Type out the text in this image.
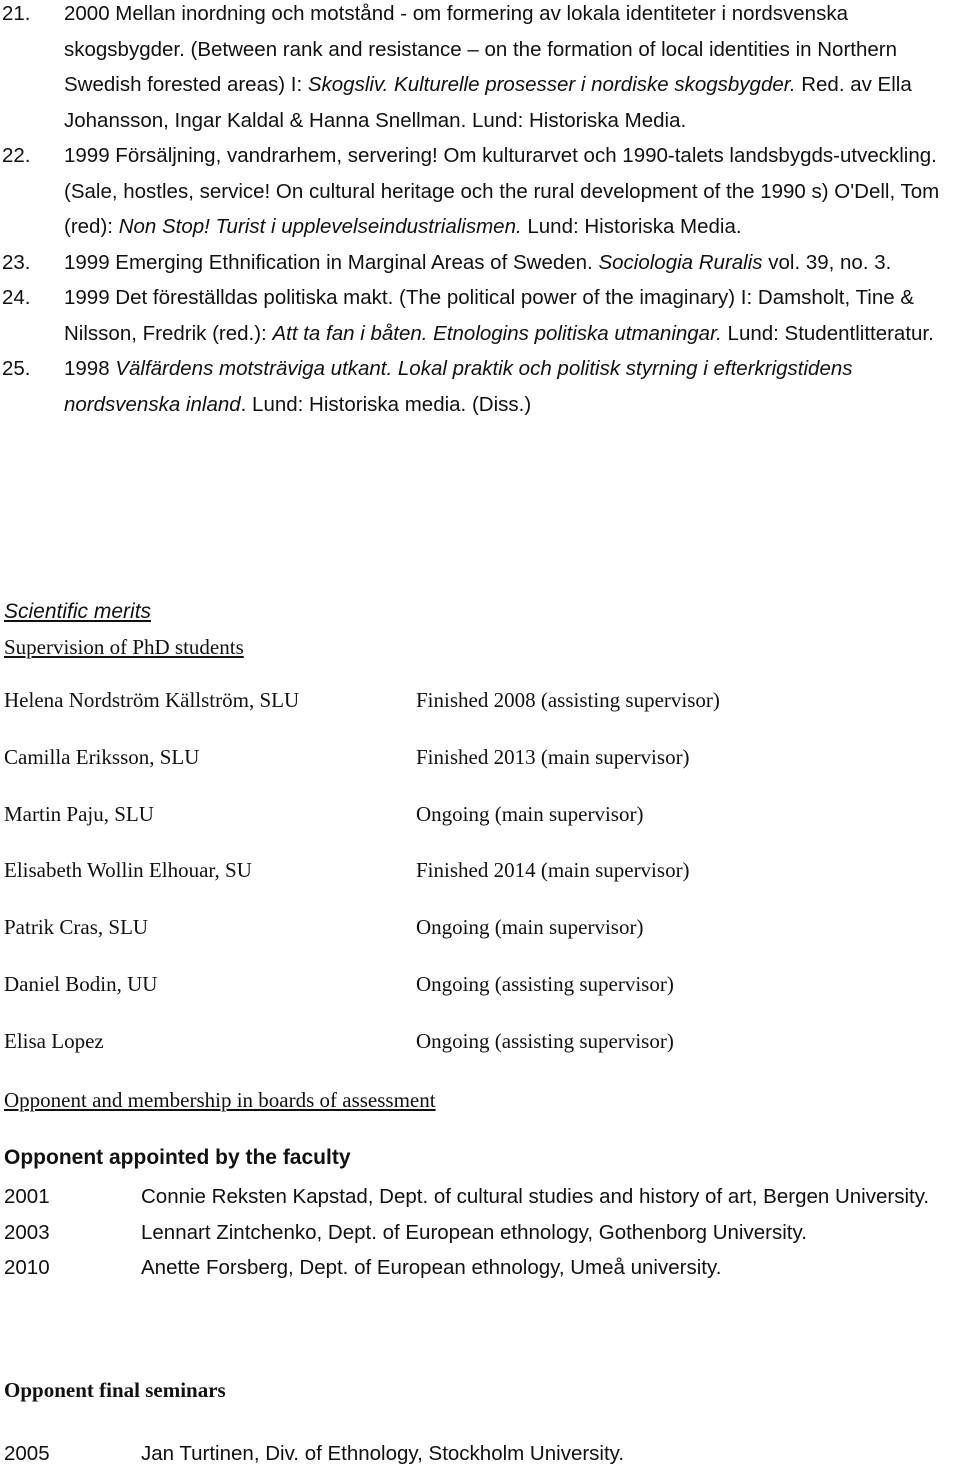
21. 2000 Mellan inordning och motstånd - om formering av lokala identiteter i nordsvenska skogsbygder. (Between rank and resistance – on the formation of local identities in Northern Swedish forested areas) I: Skogsliv. Kulturelle prosesser i nordiske skogsbygder. Red. av Ella Johansson, Ingar Kaldal & Hanna Snellman. Lund: Historiska Media.
22. 1999 Försäljning, vandrarhem, servering! Om kulturarvet och 1990-talets landsbygds-utveckling. (Sale, hostles, service! On cultural heritage och the rural development of the 1990 s) O'Dell, Tom (red): Non Stop! Turist i upplevelseindustrialismen. Lund: Historiska Media.
23. 1999 Emerging Ethnification in Marginal Areas of Sweden. Sociologia Ruralis vol. 39, no. 3.
24. 1999 Det föreställdas politiska makt. (The political power of the imaginary) I: Damsholt, Tine & Nilsson, Fredrik (red.): Att ta fan i båten. Etnologins politiska utmaningar. Lund: Studentlitteratur.
25. 1998 Välfärdens motsträviga utkant. Lokal praktik och politisk styrning i efterkrigstidens nordsvenska inland. Lund: Historiska media. (Diss.)
Scientific merits
Supervision of PhD students
Helena Nordström Källström, SLU	Finished 2008 (assisting supervisor)
Camilla Eriksson, SLU	Finished 2013 (main supervisor)
Martin Paju, SLU	Ongoing (main supervisor)
Elisabeth Wollin Elhouar, SU	Finished 2014 (main supervisor)
Patrik Cras, SLU	Ongoing (main supervisor)
Daniel Bodin, UU	Ongoing (assisting supervisor)
Elisa Lopez	Ongoing (assisting supervisor)
Opponent and membership in boards of assessment
Opponent appointed by the faculty
2001	Connie Reksten Kapstad, Dept. of cultural studies and history of art, Bergen University.
2003	Lennart Zintchenko, Dept. of European ethnology, Gothenborg University.
2010	Anette Forsberg, Dept. of European ethnology, Umeå university.
Opponent final seminars
2005	Jan Turtinen, Div. of Ethnology, Stockholm University.
